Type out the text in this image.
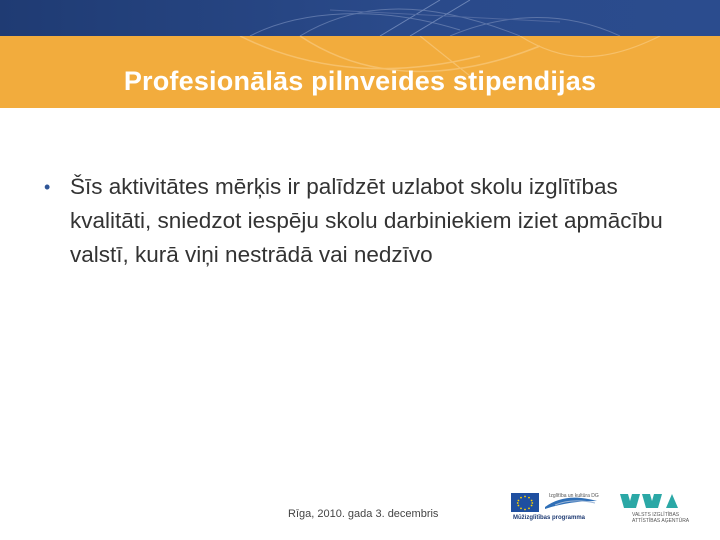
Profesionālās pilnveides stipendijas
• Šīs aktivitātes mērķis ir palīdzēt uzlabot skolu izglītības kvalitāti, sniedzot iespēju skolu darbiniekiem iziet apmācību valstī, kurā viņi nestrādā vai nedzīvo
Rīga, 2010. gada 3. decembris
Izglītība un kultūra DG
Mūžizglītības programma	VALSTS IZGLĪTĪBAS
ATTĪSTĪBAS AĢENTŪRA
